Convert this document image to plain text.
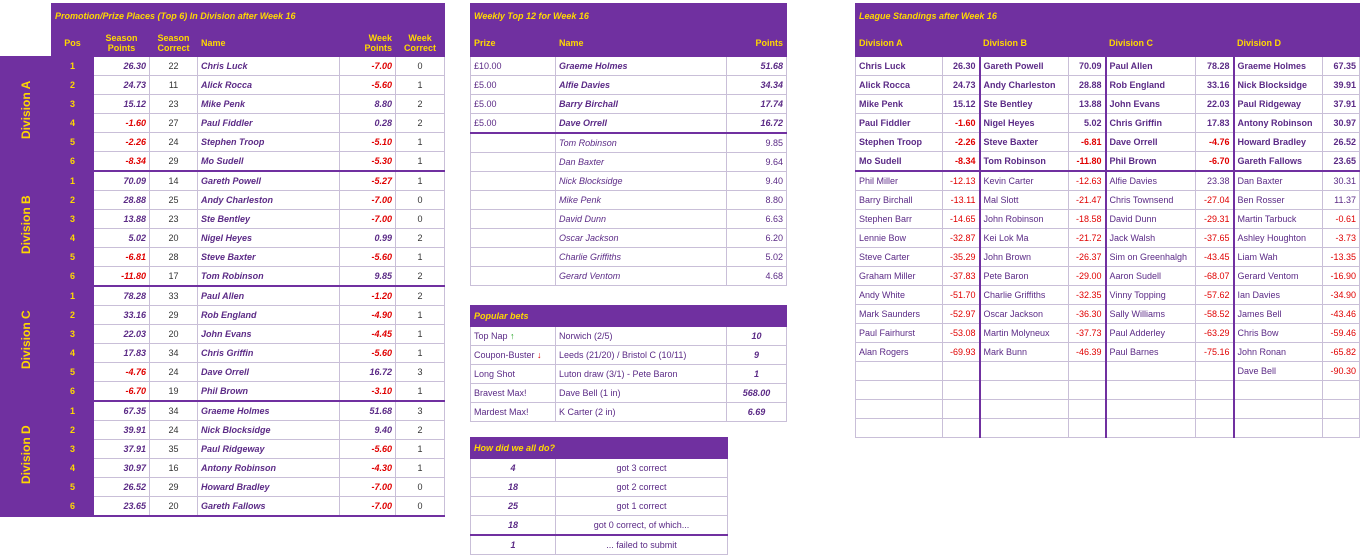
	Promotion/Prize Places (Top 6) In Division after Week 16					
	Pos	Season Points	Season Correct	Name	Week Points	Week Correct

Division A	1	26.30	22	Chris Luck	-7.00	0
	2	24.73	11	Alick Rocca	-5.60	1
	3	15.12	23	Mike Penk	8.80	2
	4	-1.60	27	Paul Fiddler	0.28	2
	5	-2.26	24	Stephen Troop	-5.10	1
	6	-8.34	29	Mo Sudell	-5.30	1

Division B	1	70.09	14	Gareth Powell	-5.27	1
	2	28.88	25	Andy Charleston	-7.00	0
	3	13.88	23	Ste Bentley	-7.00	0
	4	5.02	20	Nigel Heyes	0.99	2
	5	-6.81	28	Steve Baxter	-5.60	1
	6	-11.80	17	Tom Robinson	9.85	2

Division C	1	78.28	33	Paul Allen	-1.20	2
	2	33.16	29	Rob England	-4.90	1
	3	22.03	20	John Evans	-4.45	1
	4	17.83	34	Chris Griffin	-5.60	1
	5	-4.76	24	Dave Orrell	16.72	3
	6	-6.70	19	Phil Brown	-3.10	1

Division D	1	67.35	34	Graeme Holmes	51.68	3
	2	39.91	24	Nick Blocksidge	9.40	2
	3	37.91	35	Paul Ridgeway	-5.60	1
	4	30.97	16	Antony Robinson	-4.30	1
	5	26.52	29	Howard Bradley	-7.00	0
	6	23.65	20	Gareth Fallows	-7.00	0
Weekly Top 12 for Week 16		
Prize	Name	Points
£10.00	Graeme Holmes	51.68
£5.00	Alfie Davies	34.34
£5.00	Barry Birchall	17.74
£5.00	Dave Orrell	16.72
	Tom Robinson	9.85
	Dan Baxter	9.64
	Nick Blocksidge	9.40
	Mike Penk	8.80
	David Dunn	6.63
	Oscar Jackson	6.20
	Charlie Griffiths	5.02
	Gerard Ventom	4.68
Popular bets		
Top Nap ↑	Norwich (2/5)	10
Coupon-Buster ↓	Leeds (21/20) / Bristol C (10/11)	9
Long Shot	Luton draw (3/1) - Pete Baron	1
Bravest Max!	Dave Bell (1 in)	568.00
Mardest Max!	K Carter (2 in)	6.69
How did we all do?	
4	got 3 correct
18	got 2 correct
25	got 1 correct
18	got 0 correct, of which...
1	... failed to submit
League Standings after Week 16							
Division A		Division B		Division C		Division D	
Chris Luck	26.30	Gareth Powell	70.09	Paul Allen	78.28	Graeme Holmes	67.35
Alick Rocca	24.73	Andy Charleston	28.88	Rob England	33.16	Nick Blocksidge	39.91
Mike Penk	15.12	Ste Bentley	13.88	John Evans	22.03	Paul Ridgeway	37.91
Paul Fiddler	-1.60	Nigel Heyes	5.02	Chris Griffin	17.83	Antony Robinson	30.97
Stephen Troop	-2.26	Steve Baxter	-6.81	Dave Orrell	-4.76	Howard Bradley	26.52
Mo Sudell	-8.34	Tom Robinson	-11.80	Phil Brown	-6.70	Gareth Fallows	23.65
Phil Miller	-12.13	Kevin Carter	-12.63	Alfie Davies	23.38	Dan Baxter	30.31
Barry Birchall	-13.11	Mal Slott	-21.47	Chris Townsend	-27.04	Ben Rosser	11.37
Stephen Barr	-14.65	John Robinson	-18.58	David Dunn	-29.31	Martin Tarbuck	-0.61
Lennie Bow	-32.87	Kei Lok Ma	-21.72	Jack Walsh	-37.65	Ashley Houghton	-3.73
Steve Carter	-35.29	John Brown	-26.37	Sim on Greenhalgh	-43.45	Liam Wah	-13.35
Graham Miller	-37.83	Pete Baron	-29.00	Aaron Sudell	-68.07	Gerard Ventom	-16.90
Andy White	-51.70	Charlie Griffiths	-32.35	Vinny Topping	-57.62	Ian Davies	-34.90
Mark Saunders	-52.97	Oscar Jackson	-36.30	Sally Williams	-58.52	James Bell	-43.46
Paul Fairhurst	-53.08	Martin Molyneux	-37.73	Paul Adderley	-63.29	Chris Bow	-59.46
Alan Rogers	-69.93	Mark Bunn	-46.39	Paul Barnes	-75.16	John Ronan	-65.82
						Dave Bell	-90.30
